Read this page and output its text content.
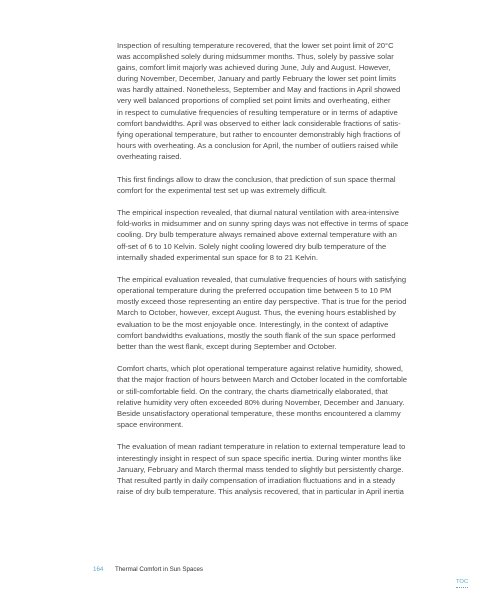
Inspection of resulting temperature recovered, that the lower set point limit of 20°C
was accomplished solely during midsummer months. Thus, solely by passive solar
gains, comfort limit majorly was achieved during June, July and August. However,
during November, December, January and partly February the lower set point limits
was hardly attained. Nonetheless, September and May and fractions in April showed
very well balanced proportions of complied set point limits and overheating, either
in respect to cumulative frequencies of resulting temperature or in terms of adaptive
comfort bandwidths. April was observed to either lack considerable fractions of satis-
fying operational temperature, but rather to encounter demonstrably high fractions of
hours with overheating. As a conclusion for April, the number of outliers raised while
overheating raised.

This first findings allow to draw the conclusion, that prediction of sun space thermal
comfort for the experimental test set up was extremely difficult.

The empirical inspection revealed, that diurnal natural ventilation with area-intensive
fold-works in midsummer and on sunny spring days was not effective in terms of space
cooling. Dry bulb temperature always remained above external temperature with an
off-set of 6 to 10 Kelvin. Solely night cooling lowered dry bulb temperature of the
internally shaded experimental sun space for 8 to 21 Kelvin.

The empirical evaluation revealed, that cumulative frequencies of hours with satisfying
operational temperature during the preferred occupation time between 5 to 10 PM
mostly exceed those representing an entire day perspective. That is true for the period
March to October, however, except August. Thus, the evening hours established by
evaluation to be the most enjoyable once. Interestingly, in the context of adaptive
comfort bandwidths evaluations, mostly the south flank of the sun space performed
better than the west flank, except during September and October.

Comfort charts, which plot operational temperature against relative humidity, showed,
that the major fraction of hours between March and October located in the comfortable
or still-comfortable field. On the contrary, the charts diametrically elaborated, that
relative humidity very often exceeded 80% during November, December and January.
Beside unsatisfactory operational temperature, these months encountered a clammy
space environment.

The evaluation of mean radiant temperature in relation to external temperature lead to
interestingly insight in respect of sun space specific inertia. During winter months like
January, February and March thermal mass tended to slightly but persistently charge.
That resulted partly in daily compensation of irradiation fluctuations and in a steady
raise of dry bulb temperature. This analysis recovered, that in particular in April inertia

164 Thermal Comfort in Sun Spaces
TOC
